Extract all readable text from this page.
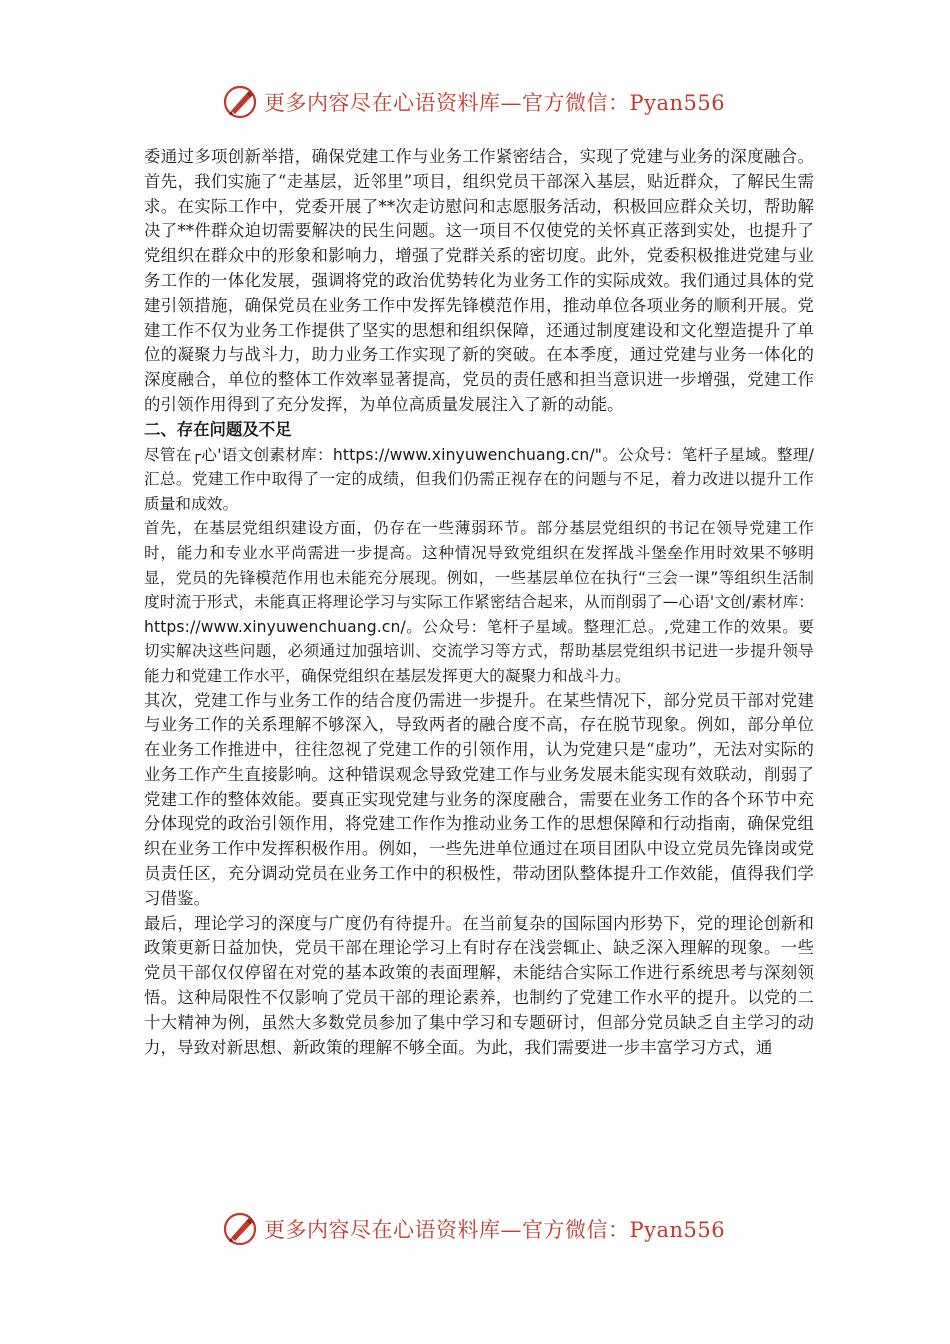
更多内容尽在心语资料库—官方微信：Pyan556

委通过多项创新举措，确保党建工作与业务工作紧密结合，实现了党建与业务的深度融合。首先，我们实施了“走基层，近邻里”项目，组织党员干部深入基层，贴近群众，了解民生需求。在实际工作中，党委开展了**次走访慰问和志愿服务活动，积极回应群众关切，帮助解决了**件群众迫切需要解决的民生问题。这一项目不仅使党的关怀真正落到实处，也提升了党组织在群众中的形象和影响力，增强了党群关系的密切度。此外，党委积极推进党建与业务工作的一体化发展，强调将党的政治优势转化为业务工作的实际成效。我们通过具体的党建引领措施，确保党员在业务工作中发挥先锋模范作用，推动单位各项业务的顺利开展。党建工作不仅为业务工作提供了坚实的思想和组织保障，还通过制度建设和文化塑造提升了单位的凝聚力与战斗力，助力业务工作实现了新的突破。在本季度，通过党建与业务一体化的深度融合，单位的整体工作效率显著提高，党员的责任感和担当意识进一步增强，党建工作的引领作用得到了充分发挥，为单位高质量发展注入了新的动能。

二、存在问题及不足

尽管在┌心'语文创素材库：https://www.xinyuwenchuang.cn/"。公众号：笔杆子星域。整理/汇总。党建工作中取得了一定的成绩，但我们仍需正视存在的问题与不足，着力改进以提升工作质量和成效。

首先，在基层党组织建设方面，仍存在一些薄弱环节。部分基层党组织的书记在领导党建工作时，能力和专业水平尚需进一步提高。这种情况导致党组织在发挥战斗堡垒作用时效果不够明显，党员的先锋模范作用也未能充分展现。例如，一些基层单位在执行“三会一课”等组织生活制度时流于形式，未能真正将理论学习与实际工作紧密结合起来，从而削弱了—心语'文创/素材库：https://www.xinyuwenchuang.cn/。公众号：笔杆子星域。整理汇总。,党建工作的效果。要切实解决这些问题，必须通过加强培训、交流学习等方式，帮助基层党组织书记进一步提升领导能力和党建工作水平，确保党组织在基层发挥更大的凝聚力和战斗力。

其次，党建工作与业务工作的结合度仍需进一步提升。在某些情况下，部分党员干部对党建与业务工作的关系理解不够深入，导致两者的融合度不高，存在脱节现象。例如，部分单位在业务工作推进中，往往忽视了党建工作的引领作用，认为党建只是“虚功”，无法对实际的业务工作产生直接影响。这种错误观念导致党建工作与业务发展未能实现有效联动，削弱了党建工作的整体效能。要真正实现党建与业务的深度融合，需要在业务工作的各个环节中充分体现党的政治引领作用，将党建工作作为推动业务工作的思想保障和行动指南，确保党组织在业务工作中发挥积极作用。例如，一些先进单位通过在项目团队中设立党员先锋岗或党员责任区，充分调动党员在业务工作中的积极性，带动团队整体提升工作效能，值得我们学习借鉴。

最后，理论学习的深度与广度仍有待提升。在当前复杂的国际国内形势下，党的理论创新和政策更新日益加快，党员干部在理论学习上有时存在浅尝辄止、缺乏深入理解的现象。一些党员干部仅仅停留在对党的基本政策的表面理解，未能结合实际工作进行系统思考与深刻领悟。这种局限性不仅影响了党员干部的理论素养，也制约了党建工作水平的提升。以党的二十大精神为例，虽然大多数党员参加了集中学习和专题研讨，但部分党员缺乏自主学习的动力，导致对新思想、新政策的理解不够全面。为此，我们需要进一步丰富学习方式，通

更多内容尽在心语资料库—官方微信：Pyan556
